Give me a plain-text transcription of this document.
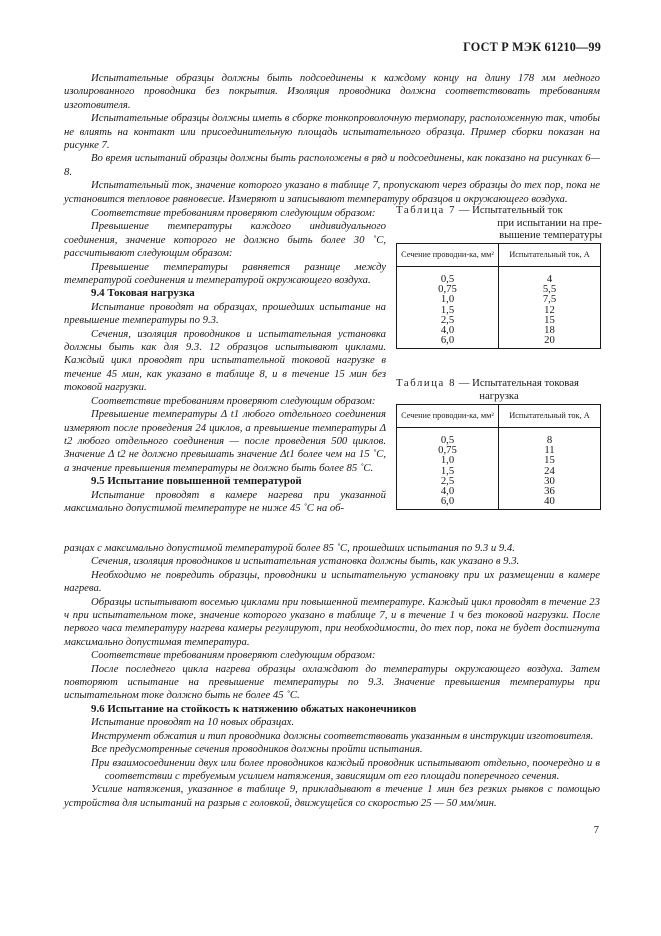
ГОСТ Р МЭК 61210—99

Испытательные образцы должны быть подсоединены к каждому концу на длину 178 мм медного изолированного проводника без покрытия. Изоляция проводника должна соответствовать требованиям изготовителя.

Испытательные образцы должны иметь в сборке тонкопроволочную термопару, расположенную так, чтобы не влиять на контакт или присоединительную площадь испытательного образца. Пример сборки показан на рисунке 7.

Во время испытаний образцы должны быть расположены в ряд и подсоединены, как показано на рисунках 6—8.

Испытательный ток, значение которого указано в таблице 7, пропускают через образцы до тех пор, пока не установится тепловое равновесие. Измеряют и записывают температуру образцов и окружающего воздуха.

Соответствие требованиям проверяют следующим образом:

Превышение температуры каждого индивидуального соединения, значение которого не должно быть более 30 ˚С, рассчитывают следующим образом:

Превышение температуры равняется разнице между температурой соединения и температурой окружающего воздуха.

9.4 Токовая нагрузка

Испытание проводят на образцах, прошедших испытание на превышение температуры по 9.3.

Сечения, изоляция проводников и испытательная установка должны быть как для 9.3. 12 образцов испытывают циклами. Каждый цикл проводят при испытательной токовой нагрузке в течение 45 мин, как указано в таблице 8, и в течение 15 мин без токовой нагрузки.

Соответствие требованиям проверяют следующим образом:

Превышение температуры Δ t1 любого отдельного соединения измеряют после проведения 24 циклов, а превышение температуры Δ t2 любого отдельного соединения — после проведения 500 циклов. Значение Δ t2 не должно превышать значение Δt1 более чем на 15 ˚С, а значение превышения температуры не должно быть более 85 ˚С.

9.5 Испытание повышенной температурой

Испытание проводят в камере нагрева при указанной максимально допустимой температуре не ниже 45 ˚С на об-

Таблица 7 — Испытательный ток
при испытании на пре-
вышение температуры
Сечение проводни-ка, мм²	Испытательный ток, А
0,5	4
0,75	5,5
1,0	7,5
1,5	12
2,5	15
4,0	18
6,0	20
Таблица 8 — Испытательная токовая
нагрузка
Сечение проводни-ка, мм²	Испытательный ток, А
0,5	8
0,75	11
1,0	15
1,5	24
2,5	30
4,0	36
6,0	40

разцах с максимально допустимой температурой более 85 ˚С, прошедших испытания по 9.3 и 9.4.

Сечения, изоляция проводников и испытательная установка должны быть, как указано в 9.3.

Необходимо не повредить образцы, проводники и испытательную установку при их размещении в камере нагрева.

Образцы испытывают восемью циклами при повышенной температуре. Каждый цикл проводят в течение 23 ч при испытательном токе, значение которого указано в таблице 7, и в течение 1 ч без токовой нагрузки. После первого часа температуру нагрева камеры регулируют, при необходимости, до тех пор, пока не будет достигнута максимально допустимая температура.

Соответствие требованиям проверяют следующим образом:

После последнего цикла нагрева образцы охлаждают до температуры окружающего воздуха. Затем повторяют испытание на превышение температуры по 9.3. Значение превышения температуры при испытательном токе должно быть не более 45 ˚С.

9.6 Испытание на стойкость к натяжению обжатых наконечников

Испытание проводят на 10 новых образцах.

Инструмент обжатия и тип проводника должны соответствовать указанным в инструкции изготовителя.

Все предусмотренные сечения проводников должны пройти испытания.

При взаимосоединении двух или более проводников каждый проводник испытывают отдельно, поочередно и в соответствии с требуемым усилием натяжения, зависящим от его площади поперечного сечения.

Усилие натяжения, указанное в таблице 9, прикладывают в течение 1 мин без резких рывков с помощью устройства для испытаний на разрыв с головкой, движущейся со скоростью 25 — 50 мм/мин.

7
